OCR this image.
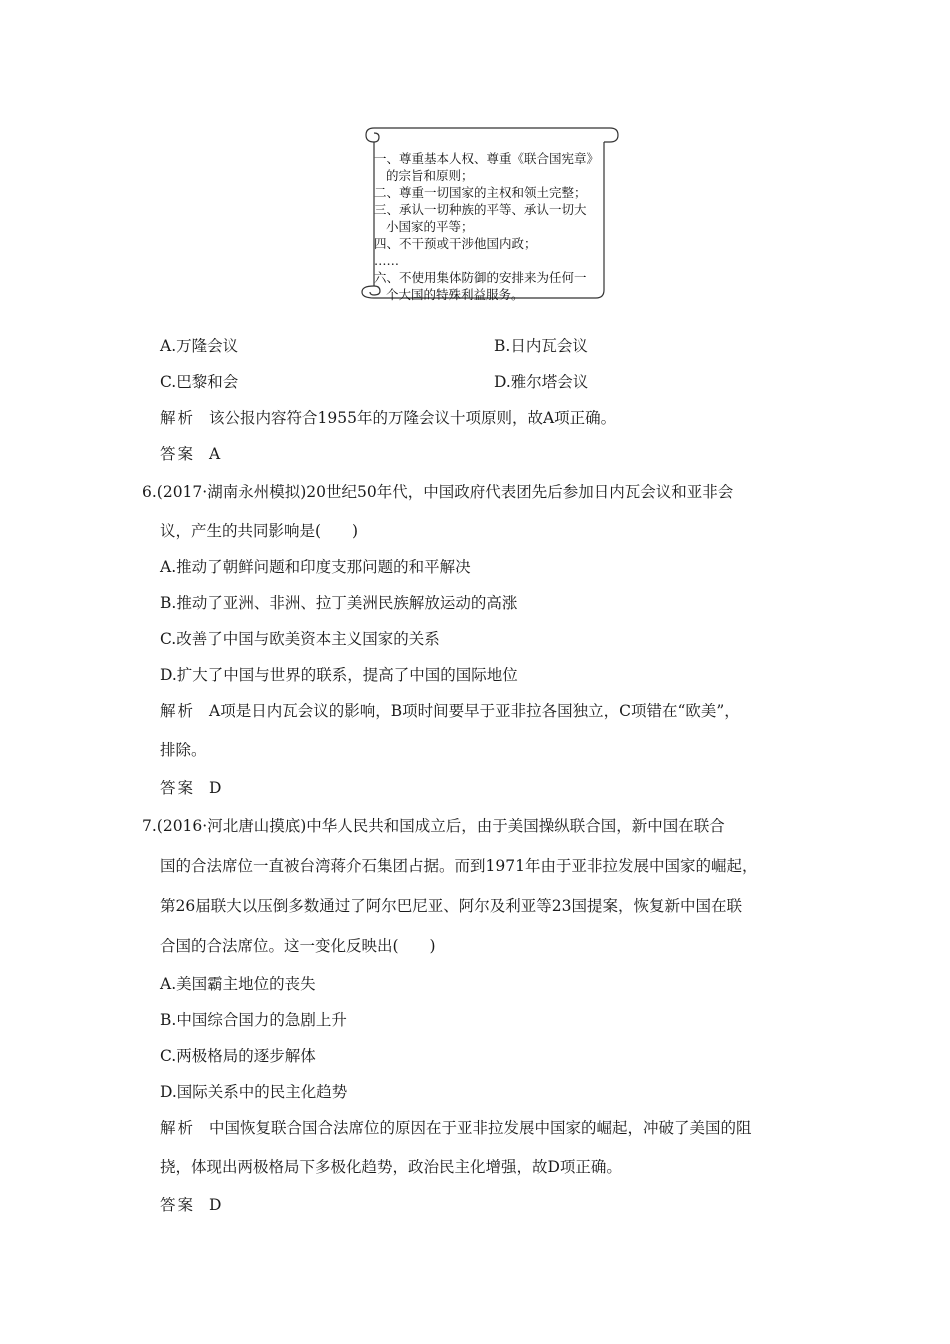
一、尊重基本人权、尊重《联合国宪章》
的宗旨和原则；
二、尊重一切国家的主权和领土完整；
三、承认一切种族的平等、承认一切大
小国家的平等；
四、不干预或干涉他国内政；
……
六、不使用集体防御的安排来为任何一
个大国的特殊利益服务。
A.万隆会议	B.日内瓦会议
C.巴黎和会	D.雅尔塔会议
解析 该公报内容符合1955年的万隆会议十项原则，故A项正确。
答案 A
6.(2017·湖南永州模拟)20世纪50年代，中国政府代表团先后参加日内瓦会议和亚非会
议，产生的共同影响是(　　)
A.推动了朝鲜问题和印度支那问题的和平解决
B.推动了亚洲、非洲、拉丁美洲民族解放运动的高涨
C.改善了中国与欧美资本主义国家的关系
D.扩大了中国与世界的联系，提高了中国的国际地位
解析 A项是日内瓦会议的影响，B项时间要早于亚非拉各国独立，C项错在“欧美”，
排除。
答案 D
7.(2016·河北唐山摸底)中华人民共和国成立后，由于美国操纵联合国，新中国在联合
国的合法席位一直被台湾蒋介石集团占据。而到1971年由于亚非拉发展中国家的崛起，
第26届联大以压倒多数通过了阿尔巴尼亚、阿尔及利亚等23国提案，恢复新中国在联
合国的合法席位。这一变化反映出(　　)
A.美国霸主地位的丧失
B.中国综合国力的急剧上升
C.两极格局的逐步解体
D.国际关系中的民主化趋势
解析 中国恢复联合国合法席位的原因在于亚非拉发展中国家的崛起，冲破了美国的阻
挠，体现出两极格局下多极化趋势，政治民主化增强，故D项正确。
答案 D
